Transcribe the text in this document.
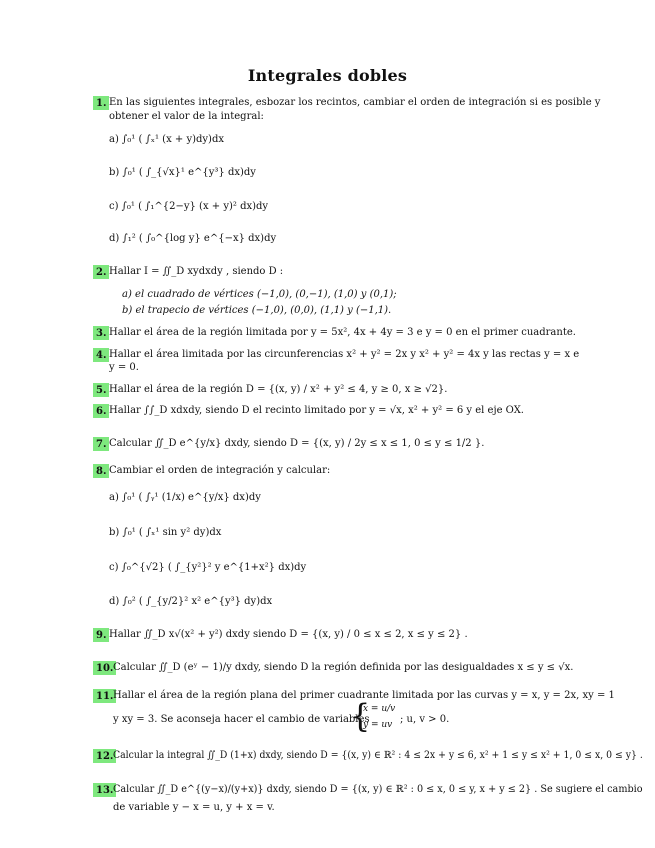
Integrales dobles
1. En las siguientes integrales, esbozar los recintos, cambiar el orden de integración si es posible y
obtener el valor de la integral:
a) ∫₀¹ ( ∫ₓ¹ (x + y)dy)dx
b) ∫₀¹ ( ∫_{√x}¹ e^{y³} dx)dy
c) ∫₀¹ ( ∫₁^{2−y} (x + y)² dx)dy
d) ∫₁² ( ∫₀^{log y} e^{−x} dx)dy
2. Hallar I = ∬_D xydxdy , siendo D :
a) el cuadrado de vértices (−1,0), (0,−1), (1,0) y (0,1);
b) el trapecio de vértices (−1,0), (0,0), (1,1) y (−1,1).
3. Hallar el área de la región limitada por y = 5x², 4x + 4y = 3 e y = 0 en el primer cuadrante.
4. Hallar el área limitada por las circunferencias x² + y² = 2x y x² + y² = 4x y las rectas y = x e
y = 0.
5. Hallar el área de la región D = {(x, y) / x² + y² ≤ 4, y ≥ 0, x ≥ √2}.
6. Hallar ∫∫_D xdxdy, siendo D el recinto limitado por y = √x, x² + y² = 6 y el eje OX.
7. Calcular ∬_D e^{y/x} dxdy, siendo D = {(x, y) / 2y ≤ x ≤ 1, 0 ≤ y ≤ 1/2 }.
8. Cambiar el orden de integración y calcular:
a) ∫₀¹ ( ∫ᵧ¹ (1/x) e^{y/x} dx)dy
b) ∫₀¹ ( ∫ₓ¹ sin y² dy)dx
c) ∫₀^{√2} ( ∫_{y²}² y e^{1+x²} dx)dy
d) ∫₀² ( ∫_{y/2}² x² e^{y³} dy)dx
9. Hallar ∬_D x√(x² + y²) dxdy siendo D = {(x, y) / 0 ≤ x ≤ 2, x ≤ y ≤ 2} .
10. Calcular ∬_D (eʸ − 1)/y dxdy, siendo D la región definida por las desigualdades x ≤ y ≤ √x.
11. Hallar el área de la región plana del primer cuadrante limitada por las curvas y = x, y = 2x, xy = 1
y xy = 3. Se aconseja hacer el cambio de variables
{
x = u/v
y = uv ; u, v > 0.
12. Calcular la integral ∬_D (1+x) dxdy, siendo D = {(x, y) ∈ ℝ² : 4 ≤ 2x + y ≤ 6, x² + 1 ≤ y ≤ x² + 1, 0 ≤ x, 0 ≤ y} .
13. Calcular ∬_D e^{(y−x)/(y+x)} dxdy, siendo D = {(x, y) ∈ ℝ² : 0 ≤ x, 0 ≤ y, x + y ≤ 2} . Se sugiere el cambio
de variable y − x = u, y + x = v.
